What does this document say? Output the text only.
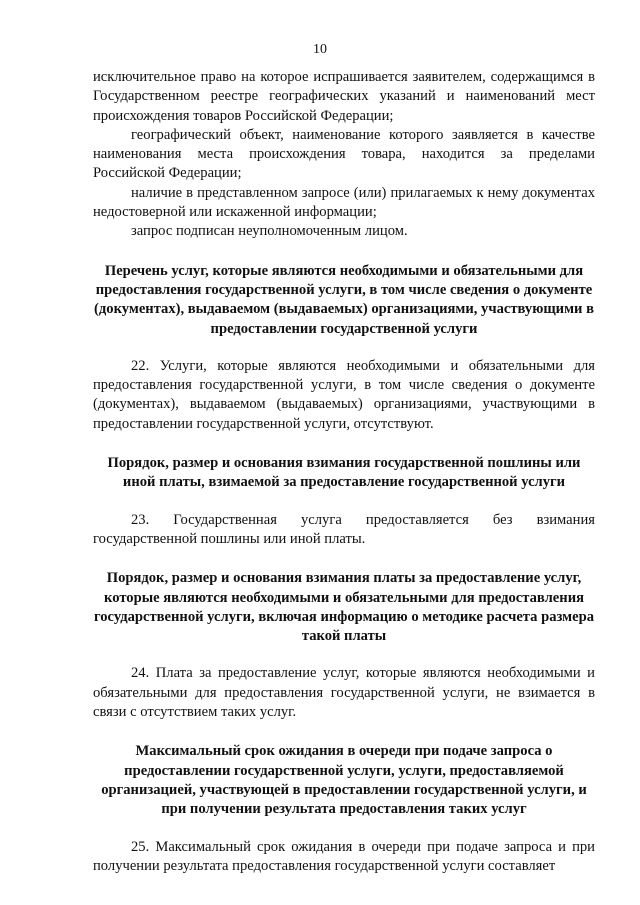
10

исключительное право на которое испрашивается заявителем, содержащимся в Государственном реестре географических указаний и наименований мест происхождения товаров Российской Федерации;

географический объект, наименование которого заявляется в качестве наименования места происхождения товара, находится за пределами Российской Федерации;

наличие в представленном запросе (или) прилагаемых к нему документах недостоверной или искаженной информации;

запрос подписан неуполномоченным лицом.

Перечень услуг, которые являются необходимыми и обязательными для предоставления государственной услуги, в том числе сведения о документе (документах), выдаваемом (выдаваемых) организациями, участвующими в предоставлении государственной услуги

22. Услуги, которые являются необходимыми и обязательными для предоставления государственной услуги, в том числе сведения о документе (документах), выдаваемом (выдаваемых) организациями, участвующими в предоставлении государственной услуги, отсутствуют.

Порядок, размер и основания взимания государственной пошлины или иной платы, взимаемой за предоставление государственной услуги

23. Государственная услуга предоставляется без взимания государственной пошлины или иной платы.

Порядок, размер и основания взимания платы за предоставление услуг, которые являются необходимыми и обязательными для предоставления государственной услуги, включая информацию о методике расчета размера такой платы

24. Плата за предоставление услуг, которые являются необходимыми и обязательными для предоставления государственной услуги, не взимается в связи с отсутствием таких услуг.

Максимальный срок ожидания в очереди при подаче запроса о предоставлении государственной услуги, услуги, предоставляемой организацией, участвующей в предоставлении государственной услуги, и при получении результата предоставления таких услуг

25. Максимальный срок ожидания в очереди при подаче запроса и при получении результата предоставления государственной услуги составляет
